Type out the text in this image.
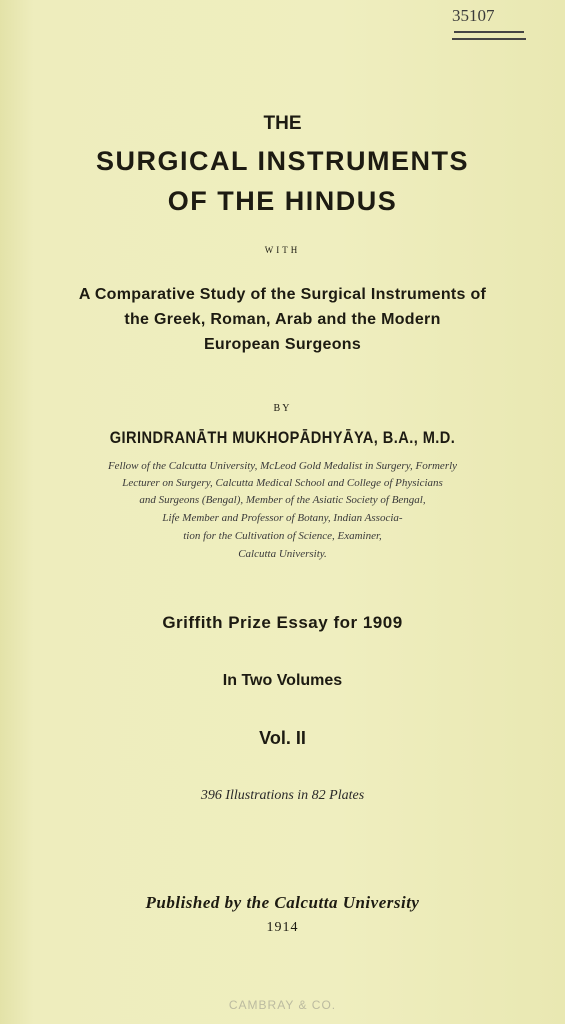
35107
THE
SURGICAL INSTRUMENTS
OF THE HINDUS
WITH
A Comparative Study of the Surgical Instruments of
the Greek, Roman, Arab and the Modern
European Surgeons
BY
GIRINDRANĀTH MUKHOPĀDHYĀYA, B.A., M.D.
Fellow of the Calcutta University, McLeod Gold Medalist in Surgery, Formerly
Lecturer on Surgery, Calcutta Medical School and College of Physicians
and Surgeons (Bengal), Member of the Asiatic Society of Bengal,
Life Member and Professor of Botany, Indian Associa-
tion for the Cultivation of Science, Examiner,
Calcutta University.
Griffith Prize Essay for 1909
In Two Volumes
Vol. II
396 Illustrations in 82 Plates
Published by the Calcutta University
1914
CAMBRAY & CO.
